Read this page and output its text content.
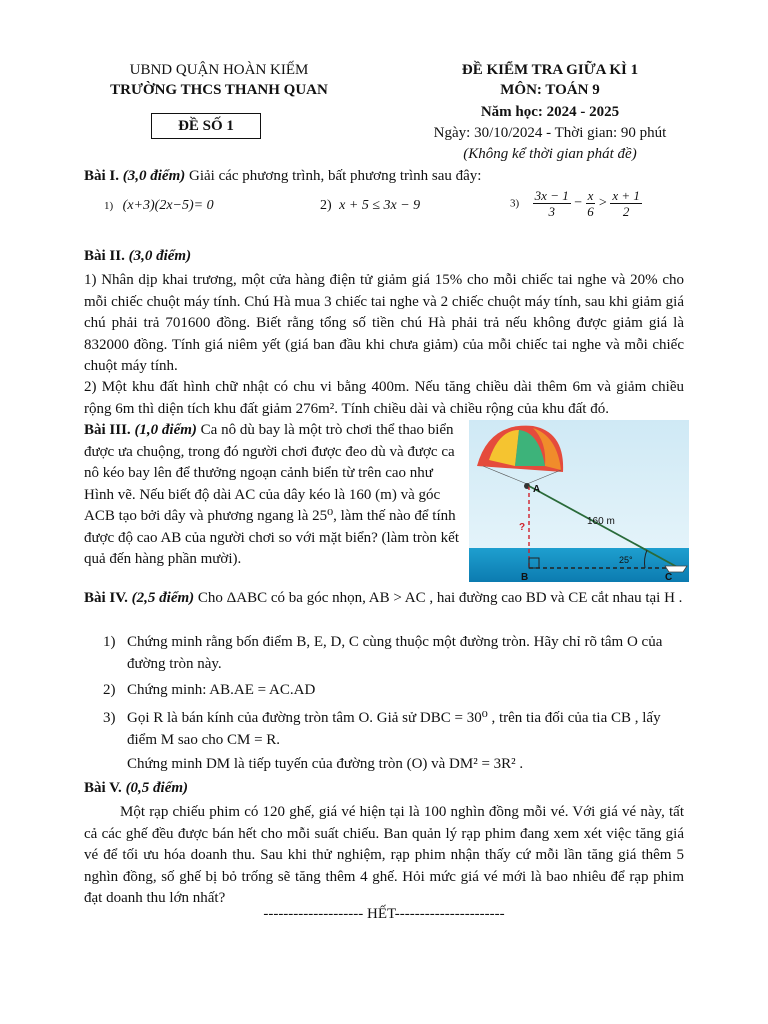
UBND QUẬN HOÀN KIẾM
TRƯỜNG THCS THANH QUAN
ĐỀ SỐ 1
ĐỀ KIỂM TRA GIỮA KÌ 1
MÔN: TOÁN 9
Năm học: 2024 - 2025
Ngày: 30/10/2024 - Thời gian: 90 phút
(Không kể thời gian phát đề)
Bài I. (3,0 điểm) Giải các phương trình, bất phương trình sau đây:
1) (x+3)(2x−5)= 0	2) x + 5 ≤ 3x − 9	$3) \frac{3x - 1}{3} - \frac{x}{6} > \frac{x + 1}{2}$
Bài II. (3,0 điểm)

1) Nhân dịp khai trương, một cửa hàng điện tử giảm giá 15% cho mỗi chiếc tai nghe và 20% cho mỗi chiếc chuột máy tính. Chú Hà mua 3 chiếc tai nghe và 2 chiếc chuột máy tính, sau khi giảm giá chú phải trả 701600 đồng. Biết rằng tổng số tiền chú Hà phải trả nếu không được giảm giá là 832000 đồng. Tính giá niêm yết (giá ban đầu khi chưa giảm) của mỗi chiếc tai nghe và mỗi chiếc chuột máy tính.

2) Một khu đất hình chữ nhật có chu vi bằng 400m. Nếu tăng chiều dài thêm 6m và giảm chiều rộng 6m thì diện tích khu đất giảm 276m². Tính chiều dài và chiều rộng của khu đất đó.

Bài III. (1,0 điểm) Ca nô dù bay là một trò chơi thể thao biển được ưa chuộng, trong đó người chơi được đeo dù và được ca nô kéo bay lên để thưởng ngoạn cảnh biển từ trên cao như Hình vẽ. Nếu biết độ dài AC của dây kéo là 160 (m) và góc ACB tạo bởi dây và phương ngang là 25⁰, làm thế nào để tính được độ cao AB của người chơi so với mặt biển? (làm tròn kết quả đến hàng phần mười).
A
B	C
160 m
25°
?
Bài IV. (2,5 điểm) Cho ΔABC có ba góc nhọn, AB > AC , hai đường cao BD và CE cắt nhau tại H .
1) Chứng minh rằng bốn điểm B, E, D, C cùng thuộc một đường tròn. Hãy chỉ rõ tâm O của đường tròn này.
2) Chứng minh: AB.AE = AC.AD
3) Gọi R là bán kính của đường tròn tâm O. Giả sử DBC = 30⁰ , trên tia đối của tia CB , lấy điểm M sao cho CM = R.
Chứng minh DM là tiếp tuyến của đường tròn (O) và DM² = 3R² .
Bài V. (0,5 điểm)

Một rạp chiếu phim có 120 ghế, giá vé hiện tại là 100 nghìn đồng mỗi vé. Với giá vé này, tất cả các ghế đều được bán hết cho mỗi suất chiếu. Ban quản lý rạp phim đang xem xét việc tăng giá vé để tối ưu hóa doanh thu. Sau khi thử nghiệm, rạp phim nhận thấy cứ mỗi lần tăng giá thêm 5 nghìn đồng, số ghế bị bỏ trống sẽ tăng thêm 4 ghế. Hỏi mức giá vé mới là bao nhiêu để rạp phim đạt doanh thu lớn nhất?

-------------------- HẾT----------------------
